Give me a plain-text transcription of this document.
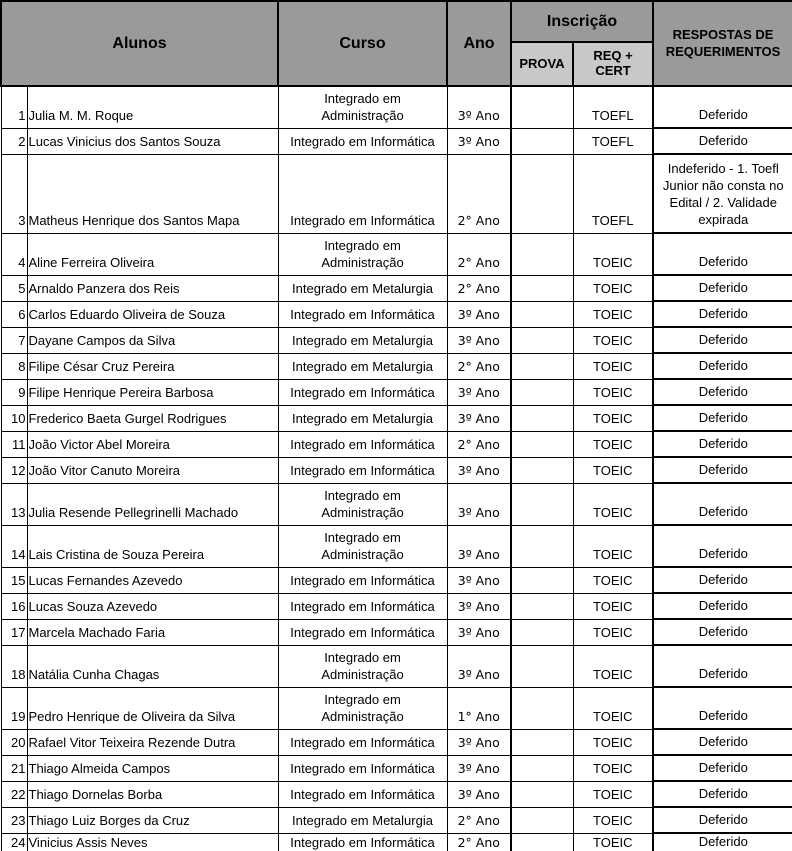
Alunos		Curso	Ano	Inscrição		RESPOSTAS DE REQUERIMENTOS
				PROVA	REQ + CERT	
1	Julia M. M. Roque	Integrado em Administração	3º Ano		TOEFL	Deferido
2	Lucas Vinicius dos Santos Souza	Integrado em Informática	3º Ano		TOEFL	Deferido
3	Matheus Henrique dos Santos Mapa	Integrado em Informática	2° Ano		TOEFL	Indeferido - 1. Toefl Junior não consta no Edital / 2. Validade expirada
4	Aline Ferreira Oliveira	Integrado em Administração	2° Ano		TOEIC	Deferido
5	Arnaldo Panzera dos Reis	Integrado em Metalurgia	2° Ano		TOEIC	Deferido
6	Carlos Eduardo Oliveira de Souza	Integrado em Informática	3º Ano		TOEIC	Deferido
7	Dayane Campos da Silva	Integrado em Metalurgia	3º Ano		TOEIC	Deferido
8	Filipe César Cruz Pereira	Integrado em Metalurgia	2° Ano		TOEIC	Deferido
9	Filipe Henrique Pereira Barbosa	Integrado em Informática	3º Ano		TOEIC	Deferido
10	Frederico Baeta Gurgel Rodrigues	Integrado em Metalurgia	3º Ano		TOEIC	Deferido
11	João Victor Abel Moreira	Integrado em Informática	2° Ano		TOEIC	Deferido
12	João Vitor Canuto Moreira	Integrado em Informática	3º Ano		TOEIC	Deferido
13	Julia Resende Pellegrinelli Machado	Integrado em Administração	3º Ano		TOEIC	Deferido
14	Lais Cristina de Souza Pereira	Integrado em Administração	3º Ano		TOEIC	Deferido
15	Lucas Fernandes Azevedo	Integrado em Informática	3º Ano		TOEIC	Deferido
16	Lucas Souza Azevedo	Integrado em Informática	3º Ano		TOEIC	Deferido
17	Marcela Machado Faria	Integrado em Informática	3º Ano		TOEIC	Deferido
18	Natália Cunha Chagas	Integrado em Administração	3º Ano		TOEIC	Deferido
19	Pedro Henrique de Oliveira da Silva	Integrado em Administração	1° Ano		TOEIC	Deferido
20	Rafael Vitor Teixeira Rezende Dutra	Integrado em Informática	3º Ano		TOEIC	Deferido
21	Thiago Almeida Campos	Integrado em Informática	3º Ano		TOEIC	Deferido
22	Thiago Dornelas Borba	Integrado em Informática	3º Ano		TOEIC	Deferido
23	Thiago Luiz Borges da Cruz	Integrado em Metalurgia	2° Ano		TOEIC	Deferido
24	Vinicius Assis Neves	Integrado em Informática	2° Ano		TOEIC	Deferido
